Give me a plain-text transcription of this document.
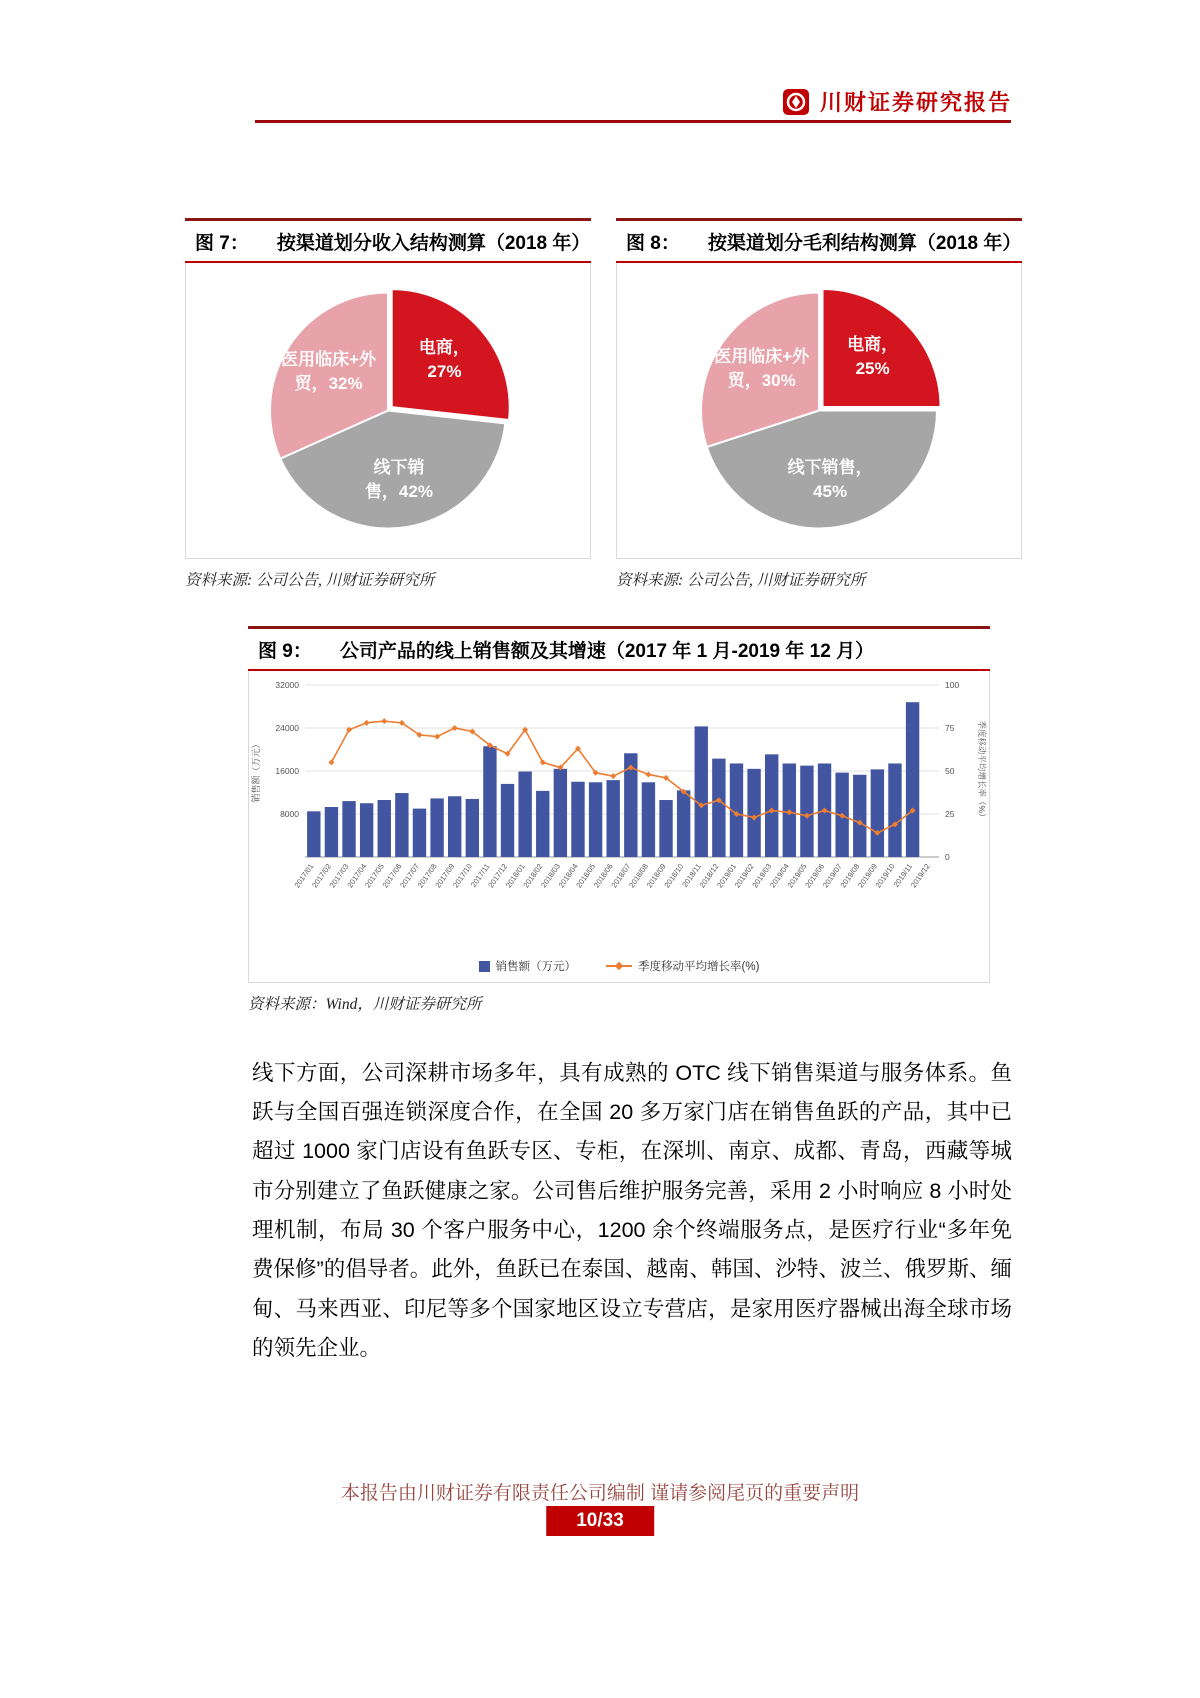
川财证券研究报告
图 7： 按渠道划分收入结构测算（2018 年）
电商，
27%
线下销
售，42%
医用临床+外
贸，32%
资料来源: 公司公告, 川财证券研究所
图 8： 按渠道划分毛利结构测算（2018 年）
电商，
25%
线下销售，
45%
医用临床+外
贸，30%
资料来源: 公司公告, 川财证券研究所
图 9： 公司产品的线上销售额及其增速（2017 年 1 月-2019 年 12 月）
8000
16000
24000
32000
0
25
50
75
100
2017/01
2017/02
2017/03
2017/04
2017/05
2017/06
2017/07
2017/08
2017/09
2017/10
2017/11
2017/12
2018/01
2018/02
2018/03
2018/04
2018/05
2018/06
2018/07
2018/08
2018/09
2018/10
2018/11
2018/12
2019/01
2019/02
2019/03
2019/04
2019/05
2019/06
2019/07
2019/08
2019/09
2019/10
2019/11
2019/12
销售额（万元）	季度移动平均增长率（%）
销售额（万元）	季度移动平均增长率(%)
资料来源：Wind，川财证券研究所

线下方面，公司深耕市场多年，具有成熟的 OTC 线下销售渠道与服务体系。鱼跃与全国百强连锁深度合作，在全国 20 多万家门店在销售鱼跃的产品，其中已超过 1000 家门店设有鱼跃专区、专柜，在深圳、南京、成都、青岛，西藏等城市分别建立了鱼跃健康之家。公司售后维护服务完善，采用 2 小时响应 8 小时处理机制，布局 30 个客户服务中心，1200 余个终端服务点，是医疗行业“多年免费保修”的倡导者。此外，鱼跃已在泰国、越南、韩国、沙特、波兰、俄罗斯、缅甸、马来西亚、印尼等多个国家地区设立专营店，是家用医疗器械出海全球市场的领先企业。

本报告由川财证券有限责任公司编制 谨请参阅尾页的重要声明
10/33
